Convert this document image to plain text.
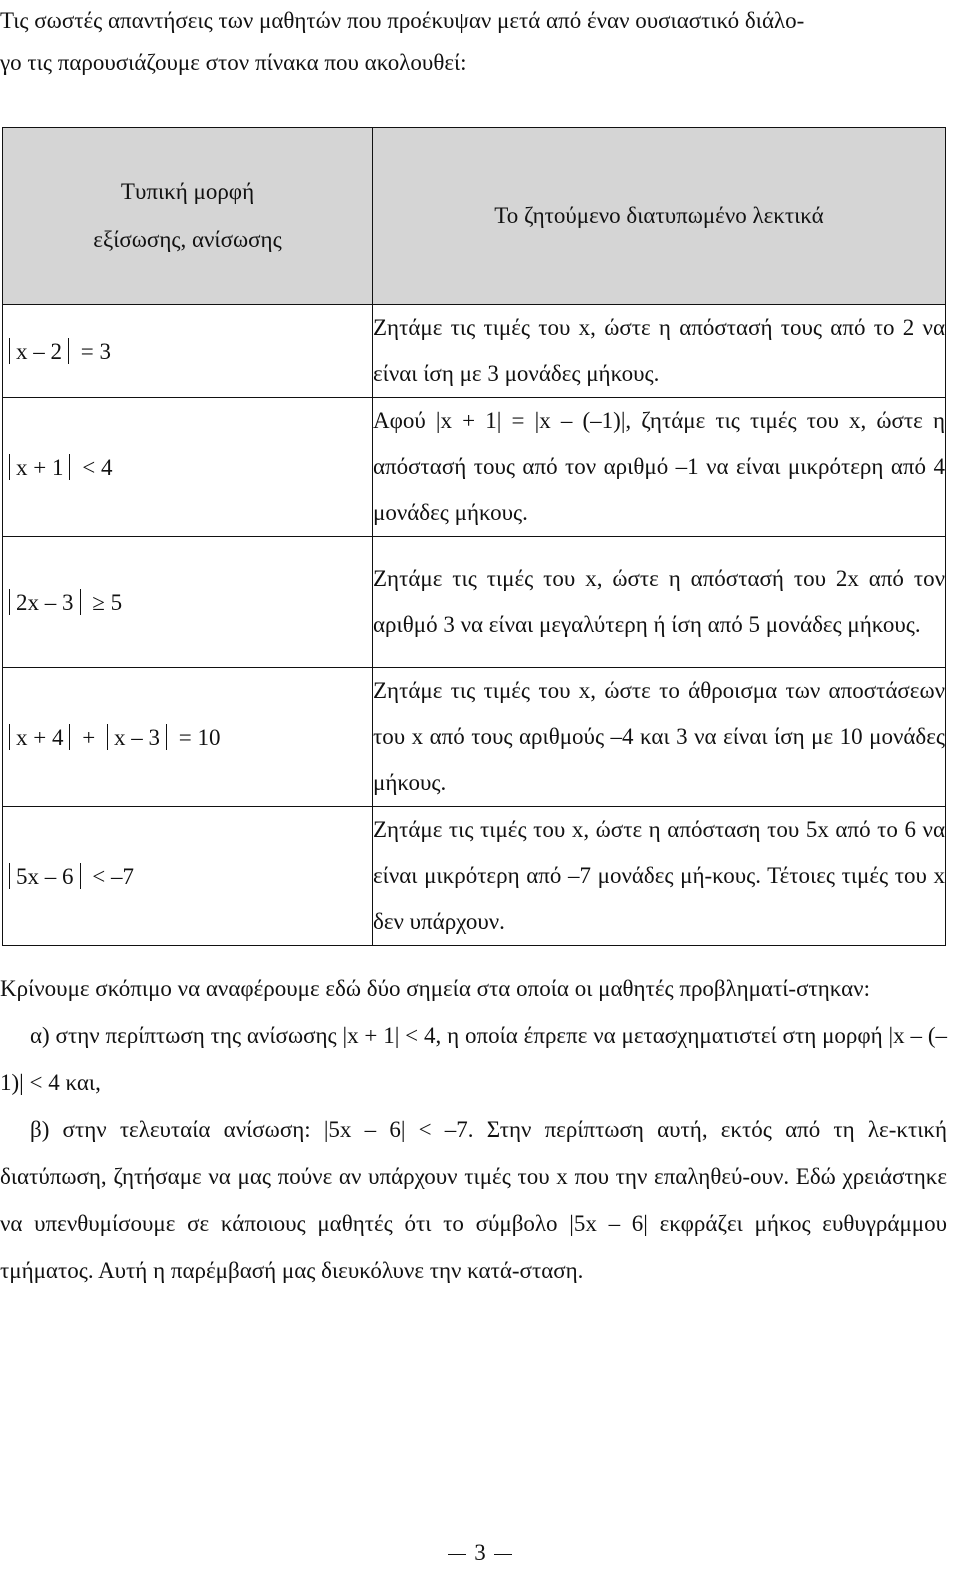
Τις σωστές απαντήσεις των μαθητών που προέκυψαν μετά από έναν ουσιαστικό διάλο-

γο τις παρουσιάζουμε στον πίνακα που ακολουθεί:

Τυπική μορφή
εξίσωσης, ανίσωσης	Το ζητούμενο διατυπωμένο λεκτικά
x – 2 = 3	Ζητάμε τις τιμές του x, ώστε η απόστασή τους από το 2 να είναι ίση με 3 μονάδες μήκους.
x + 1 < 4	Αφού |x + 1| = |x – (–1)|, ζητάμε τις τιμές του x, ώστε η απόστασή τους από τον αριθμό –1 να είναι μικρότερη από 4 μονάδες μήκους.
2x – 3 ≥ 5	Ζητάμε τις τιμές του x, ώστε η απόστασή του 2x από τον αριθμό 3 να είναι μεγαλύτερη ή ίση από 5 μονάδες μήκους.
x + 4 + x – 3 = 10	Ζητάμε τις τιμές του x, ώστε το άθροισμα των αποστάσεων του x από τους αριθμούς –4 και 3 να είναι ίση με 10 μονάδες μήκους.
5x – 6 < –7	Ζητάμε τις τιμές του x, ώστε η απόσταση του 5x από το 6 να είναι μικρότερη από –7 μονάδες μή-κους. Τέτοιες τιμές του x δεν υπάρχουν.

Κρίνουμε σκόπιμο να αναφέρουμε εδώ δύο σημεία στα οποία οι μαθητές προβληματί-στηκαν:

α) στην περίπτωση της ανίσωσης |x + 1| < 4, η οποία έπρεπε να μετασχηματιστεί στη μορφή |x – (–1)| < 4 και,

β) στην τελευταία ανίσωση: |5x – 6| < –7. Στην περίπτωση αυτή, εκτός από τη λε-κτική διατύπωση, ζητήσαμε να μας πούνε αν υπάρχουν τιμές του x που την επαληθεύ-ουν. Εδώ χρειάστηκε να υπενθυμίσουμε σε κάποιους μαθητές ότι το σύμβολο |5x – 6| εκφράζει μήκος ευθυγράμμου τμήματος. Αυτή η παρέμβασή μας διευκόλυνε την κατά-σταση.

3
